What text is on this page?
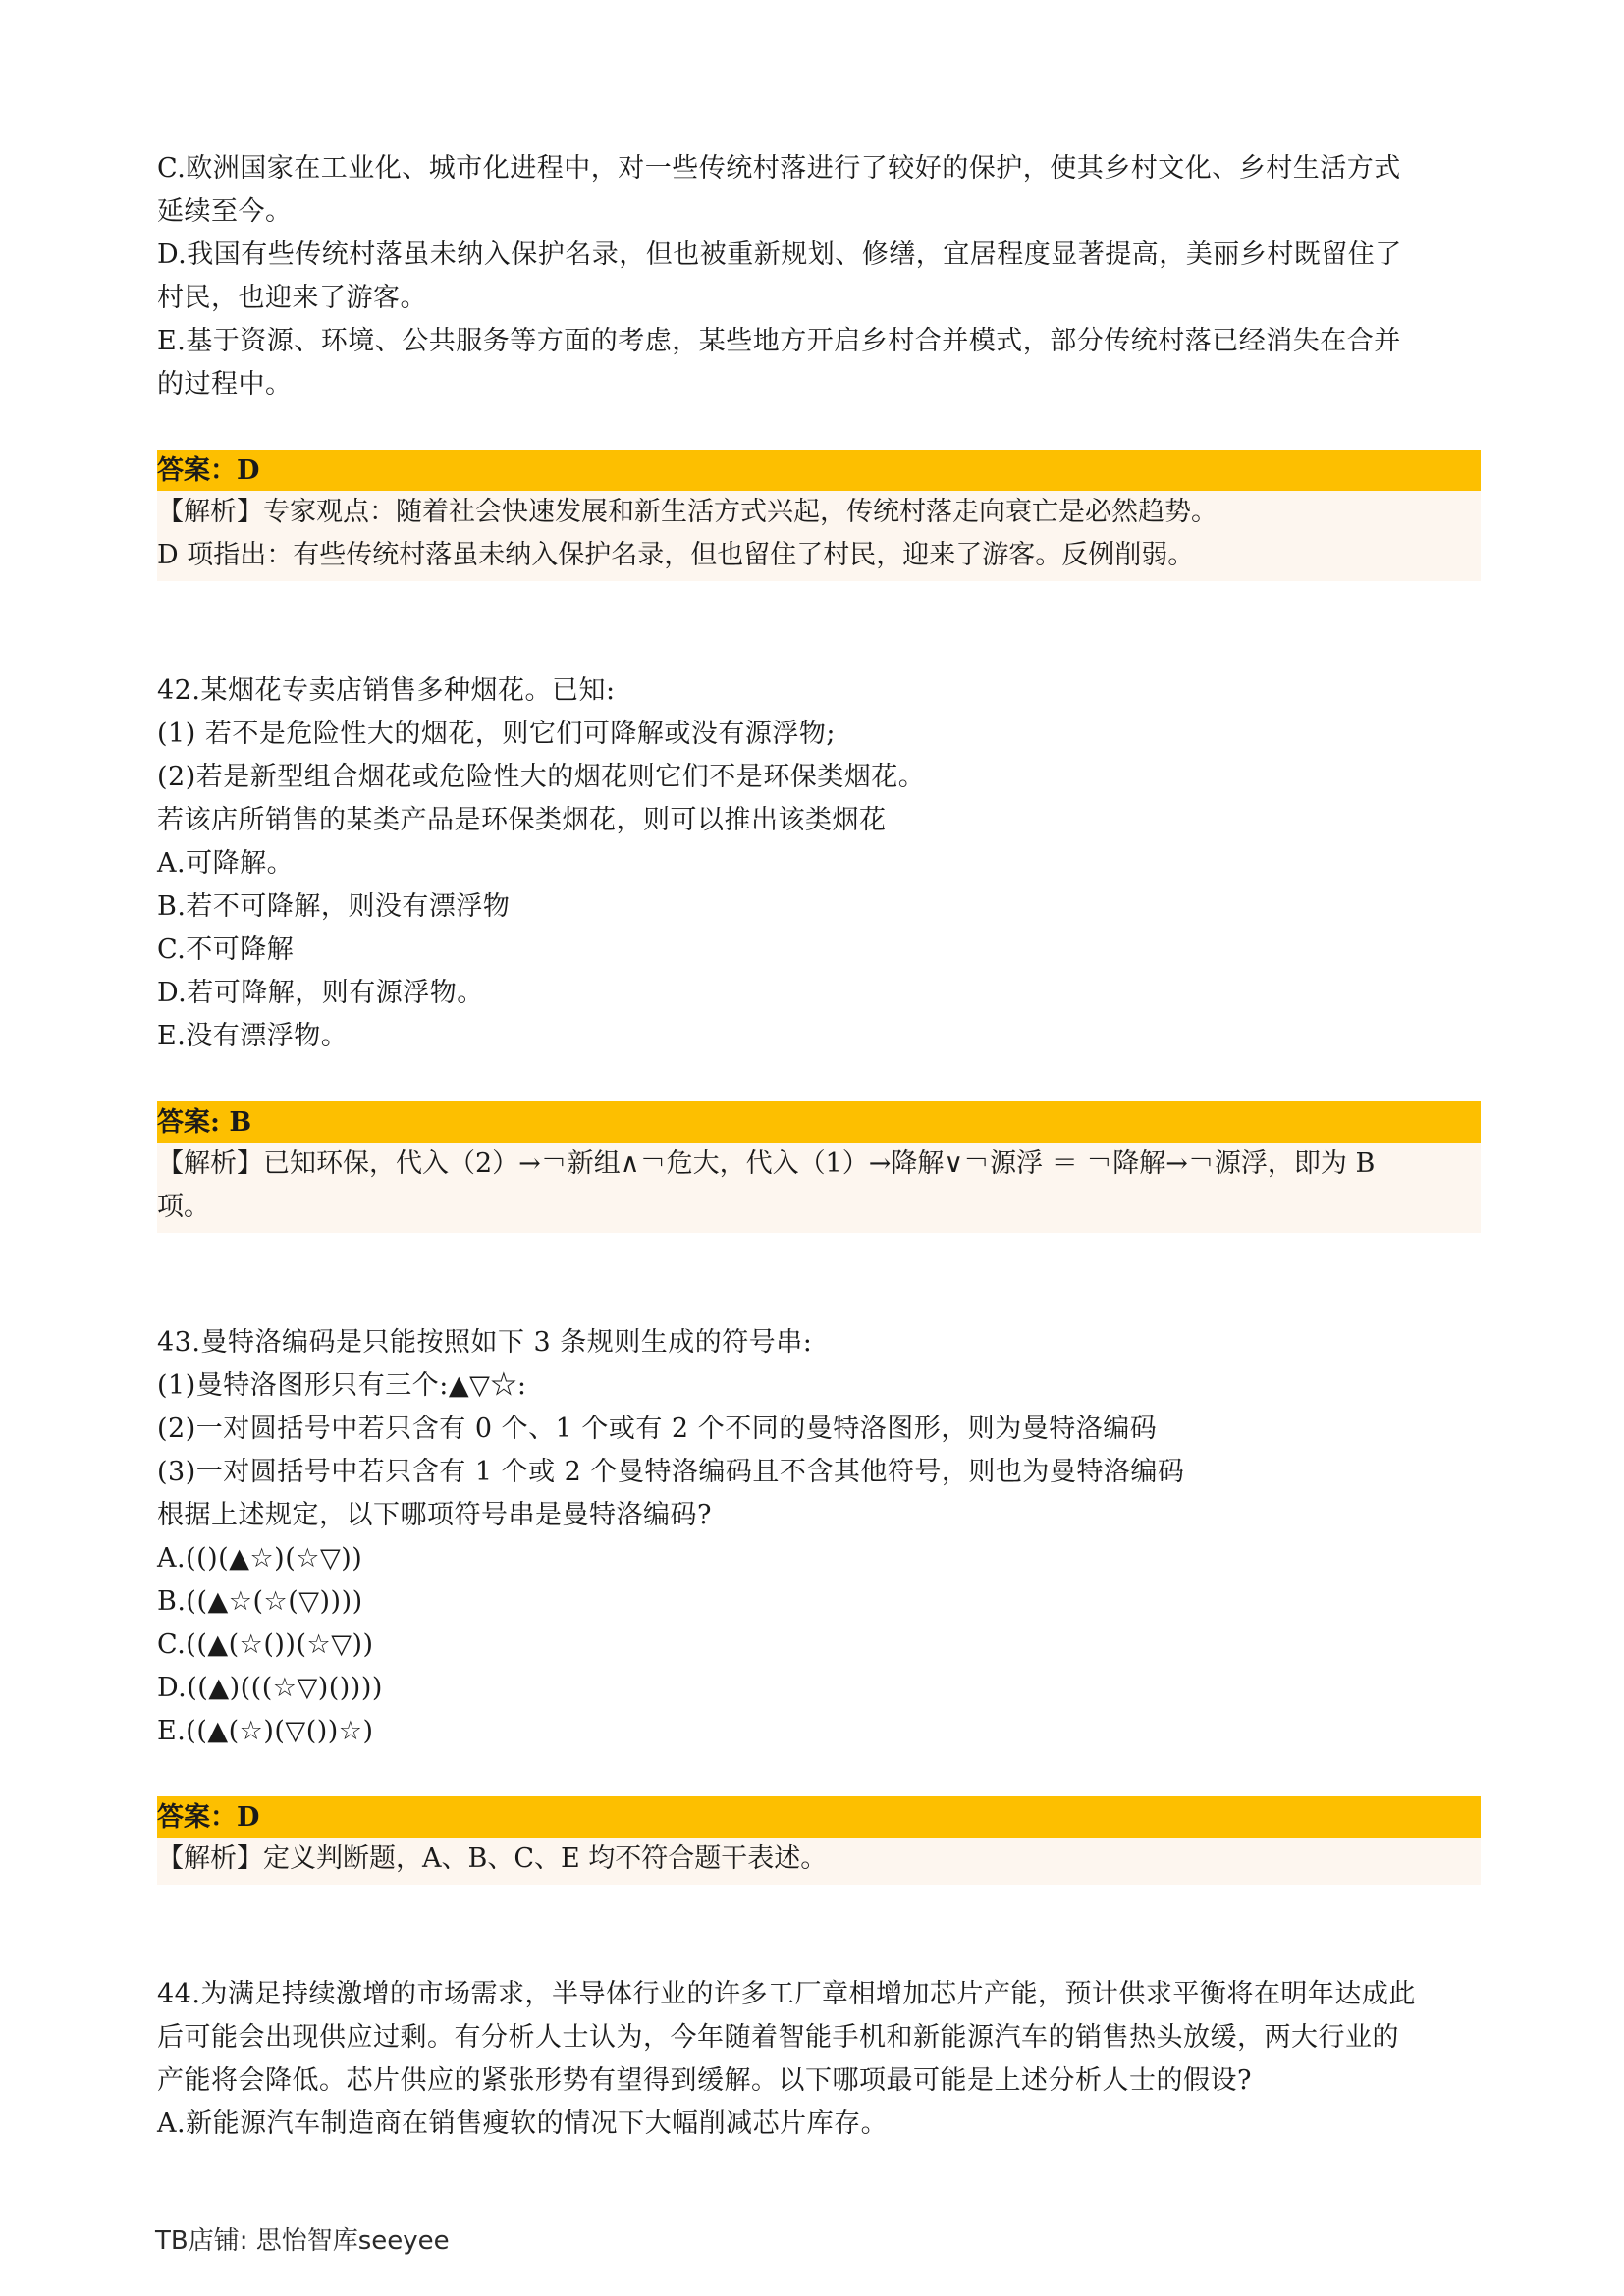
C.欧洲国家在工业化、城市化进程中，对一些传统村落进行了较好的保护，使其乡村文化、乡村生活方式
延续至今。
D.我国有些传统村落虽未纳入保护名录，但也被重新规划、修缮，宜居程度显著提高，美丽乡村既留住了
村民，也迎来了游客。
E.基于资源、环境、公共服务等方面的考虑，某些地方开启乡村合并模式，部分传统村落已经消失在合并
的过程中。
答案：D
【解析】专家观点：随着社会快速发展和新生活方式兴起，传统村落走向衰亡是必然趋势。
D 项指出：有些传统村落虽未纳入保护名录，但也留住了村民，迎来了游客。反例削弱。
42.某烟花专卖店销售多种烟花。已知:
(1) 若不是危险性大的烟花，则它们可降解或没有源浮物;
(2)若是新型组合烟花或危险性大的烟花则它们不是环保类烟花。
若该店所销售的某类产品是环保类烟花，则可以推出该类烟花
A.可降解。
B.若不可降解，则没有漂浮物
C.不可降解
D.若可降解，则有源浮物。
E.没有漂浮物。
答案: B
【解析】已知环保，代入（2）→￢新组∧￢危大，代入（1）→降解∨￢源浮 ＝ ￢降解→￢源浮，即为 B
项。
43.曼特洛编码是只能按照如下 3 条规则生成的符号串:
(1)曼特洛图形只有三个:▲▽☆:
(2)一对圆括号中若只含有 0 个、1 个或有 2 个不同的曼特洛图形，则为曼特洛编码
(3)一对圆括号中若只含有 1 个或 2 个曼特洛编码且不含其他符号，则也为曼特洛编码
根据上述规定，以下哪项符号串是曼特洛编码?
A.(()(▲☆)(☆▽))
B.((▲☆(☆(▽))))
C.((▲(☆())(☆▽))
D.((▲)(((☆▽)())))
E.((▲(☆)(▽())☆)
答案：D
【解析】定义判断题，A、B、C、E 均不符合题干表述。
44.为满足持续激增的市场需求，半导体行业的许多工厂章相增加芯片产能，预计供求平衡将在明年达成此
后可能会出现供应过剩。有分析人士认为，今年随着智能手机和新能源汽车的销售热头放缓，两大行业的
产能将会降低。芯片供应的紧张形势有望得到缓解。以下哪项最可能是上述分析人士的假设?
A.新能源汽车制造商在销售瘦软的情况下大幅削减芯片库存。
TB店铺: 思怡智库seeyee
